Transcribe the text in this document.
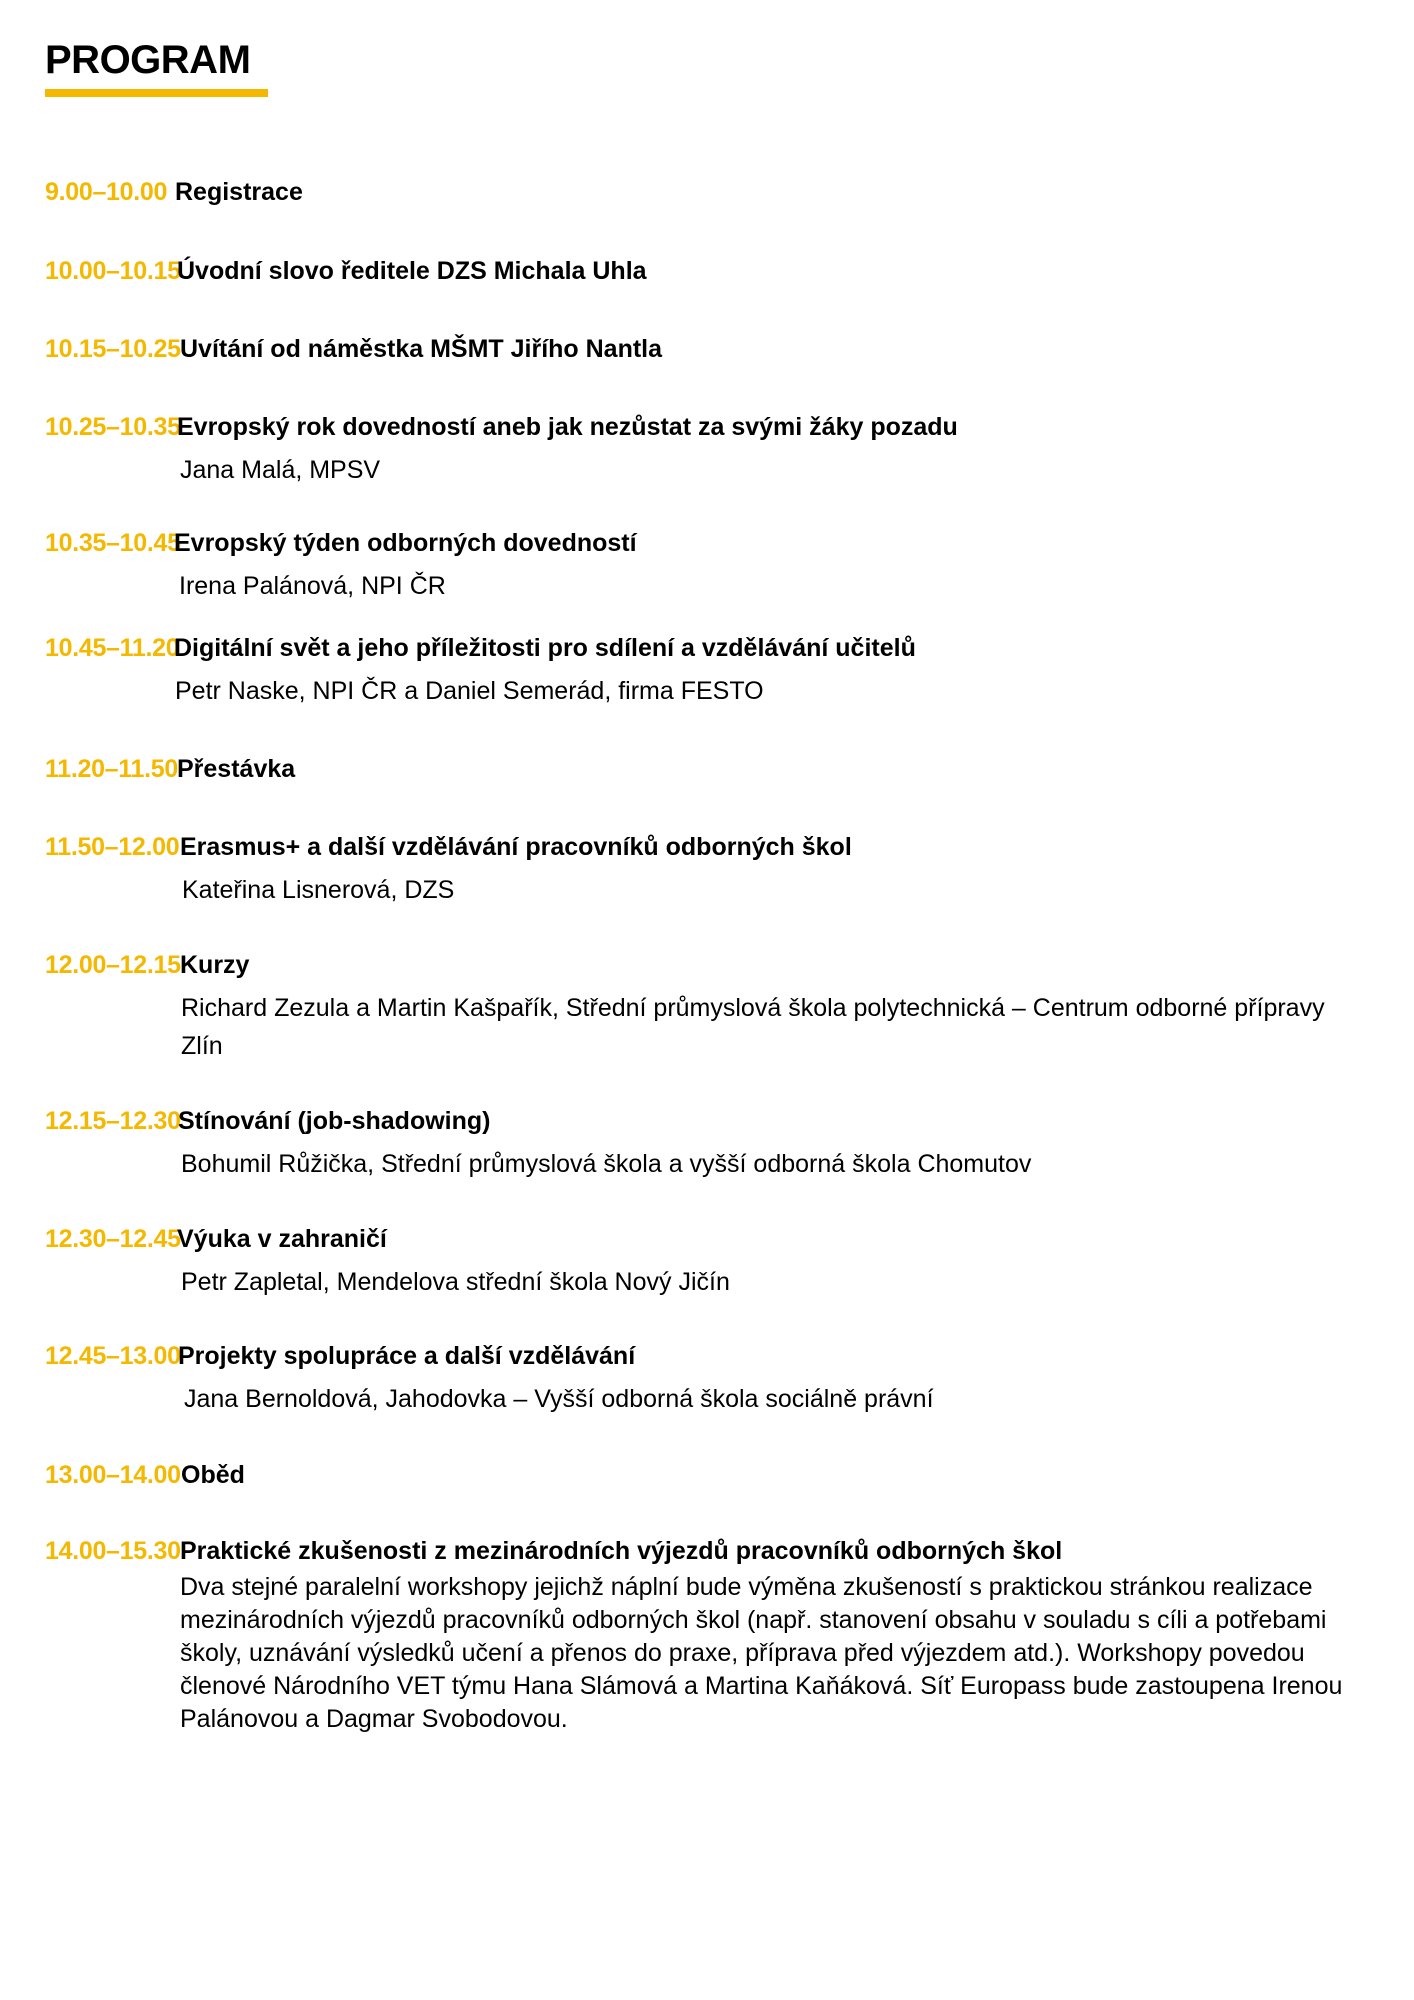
PROGRAM
9.00–10.00 Registrace
10.00–10.15
Úvodní slovo ředitele DZS Michala Uhla
10.15–10.25 Uvítání od náměstka MŠMT Jiřího Nantla
10.25–10.35
Evropský rok dovedností aneb jak nezůstat za svými žáky pozadu
Jana Malá, MPSV
10.35–10.45
Evropský týden odborných dovedností
Irena Palánová, NPI ČR
10.45–11.20
Digitální svět a jeho příležitosti pro sdílení a vzdělávání učitelů
Petr Naske, NPI ČR a Daniel Semerád, firma FESTO
11.20–11.50 Přestávka
11.50–12.00 Erasmus+ a další vzdělávání pracovníků odborných škol
Kateřina Lisnerová, DZS
12.00–12.15 Kurzy
Richard Zezula a Martin Kašpařík, Střední průmyslová škola polytechnická – Centrum odborné přípravy Zlín
12.15–12.30
Stínování (job-shadowing)
Bohumil Růžička, Střední průmyslová škola a vyšší odborná škola Chomutov
12.30–12.45
Výuka v zahraničí
Petr Zapletal, Mendelova střední škola Nový Jičín
12.45–13.00
Projekty spolupráce a další vzdělávání
Jana Bernoldová, Jahodovka – Vyšší odborná škola sociálně právní
13.00–14.00 Oběd
14.00–15.30 Praktické zkušenosti z mezinárodních výjezdů pracovníků odborných škol
Dva stejné paralelní workshopy jejichž náplní bude výměna zkušeností s praktickou stránkou realizace mezinárodních výjezdů pracovníků odborných škol (např. stanovení obsahu v souladu s cíli a potřebami školy, uznávání výsledků učení a přenos do praxe, příprava před výjezdem atd.). Workshopy povedou členové Národního VET týmu Hana Slámová a Martina Kaňáková. Síť Europass bude zastoupena Irenou Palánovou a Dagmar Svobodovou.
